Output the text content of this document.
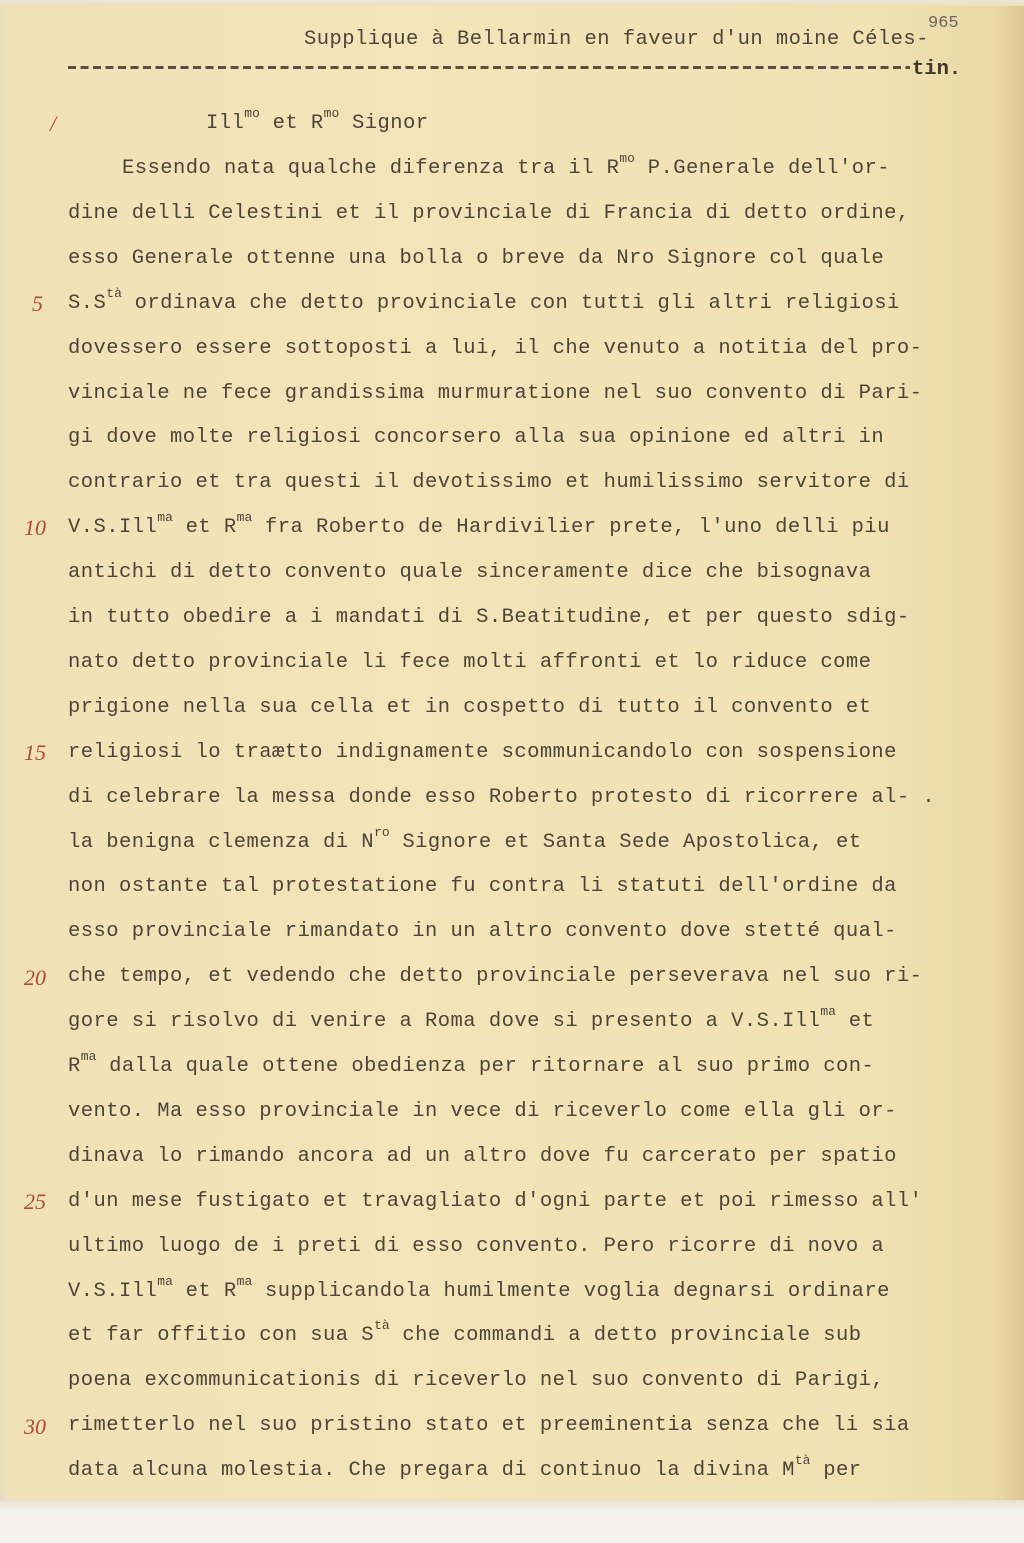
965
Supplique à Bellarmin en faveur d'un moine Céles-
tin.
Ill$^{mo}$ et $R^{mo}$ Signor
Essendo nata qualche diferenza tra il $R^{mo}$ P.Generale dell'or-
dine delli Celestini et il provinciale di Francia di detto ordine,
esso Generale ottenne una bolla o breve da Nro Signore col quale
$S.S^{tà}$ ordinava che detto provinciale con tutti gli altri religiosi
dovessero essere sottoposti a lui, il che venuto a notitia del pro-
vinciale ne fece grandissima murmuratione nel suo convento di Pari-
gi dove molte religiosi concorsero alla sua opinione ed altri in
contrario et tra questi il devotissimo et humilissimo servitore di
V.S.Ill$^{ma}$ et $R^{ma}$ fra Roberto de Hardivilier prete, l'uno delli piu
antichi di detto convento quale sinceramente dice che bisognava
in tutto obedire a i mandati di S.Beatitudine, et per questo sdig-
nato detto provinciale li fece molti affronti et lo riduce come
prigione nella sua cella et in cospetto di tutto il convento et
religiosi lo traætto indignamente scommunicandolo con sospensione
di celebrare la messa donde esso Roberto protesto di ricorrere al- .
la benigna clemenza di $N^{ro}$ Signore et Santa Sede Apostolica, et
non ostante tal protestatione fu contra li statuti dell'ordine da
esso provinciale rimandato in un altro convento dove stetté qual-
che tempo, et vedendo che detto provinciale perseverava nel suo ri-
gore si risolvo di venire a Roma dove si presento a V.S.Ill$^{ma}$ et
$R^{ma}$ dalla quale ottene obedienza per ritornare al suo primo con-
vento. Ma esso provinciale in vece di riceverlo come ella gli or-
dinava lo rimando ancora ad un altro dove fu carcerato per spatio
d'un mese fustigato et travagliato d'ogni parte et poi rimesso all'
ultimo luogo de i preti di esso convento. Pero ricorre di novo a
V.S.Ill$^{ma}$ et $R^{ma}$ supplicandola humilmente voglia degnarsi ordinare
et far offitio con sua $S^{tà}$ che commandi a detto provinciale sub
poena excommunicationis di riceverlo nel suo convento di Parigi,
rimetterlo nel suo pristino stato et preeminentia senza che li sia
data alcuna molestia. Che pregara di continuo la divina $M^{tà}$ per
/
5
10
15
20
25
30
